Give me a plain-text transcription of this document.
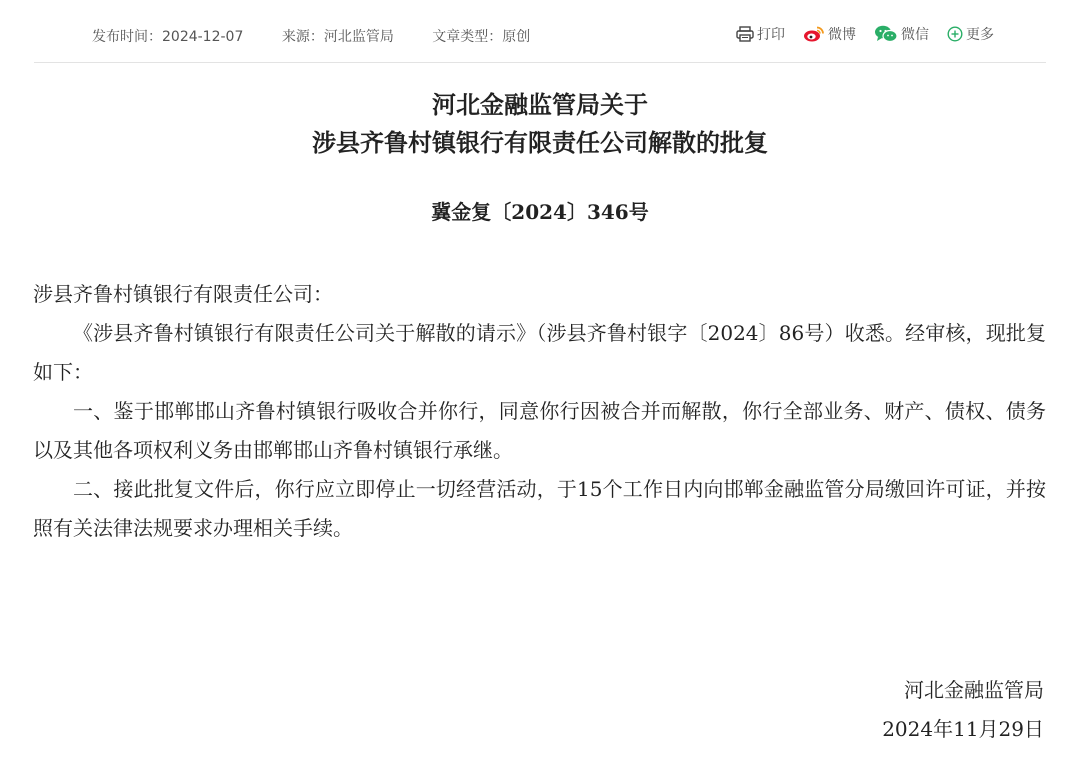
发布时间：2024-12-07	来源：河北监管局	文章类型：原创	打印	微博	微信	更多
河北金融监管局关于
涉县齐鲁村镇银行有限责任公司解散的批复
冀金复〔2024〕346号

涉县齐鲁村镇银行有限责任公司：

《涉县齐鲁村镇银行有限责任公司关于解散的请示》（涉县齐鲁村银字〔2024〕86号）收悉。经审核，现批复如下：

一、鉴于邯郸邯山齐鲁村镇银行吸收合并你行，同意你行因被合并而解散，你行全部业务、财产、债权、债务以及其他各项权利义务由邯郸邯山齐鲁村镇银行承继。

二、接此批复文件后，你行应立即停止一切经营活动，于15个工作日内向邯郸金融监管分局缴回许可证，并按照有关法律法规要求办理相关手续。

河北金融监管局
2024年11月29日
